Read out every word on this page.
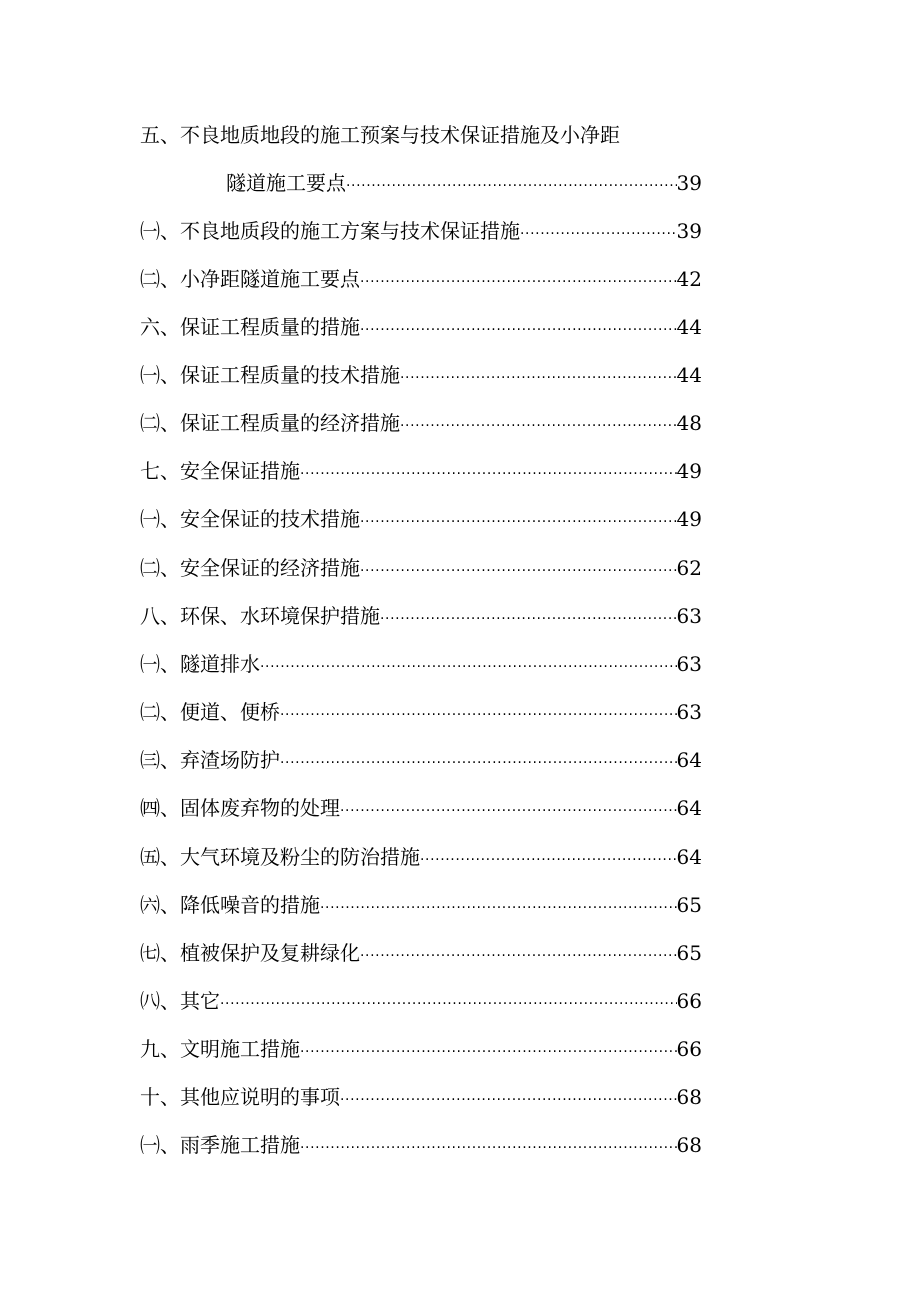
五、不良地质地段的施工预案与技术保证措施及小净距
隧道施工要点 ·····	39
㈠、不良地质段的施工方案与技术保证措施 ·····	39
㈡、小净距隧道施工要点 ·····	42
六、保证工程质量的措施 ·····	44
㈠、保证工程质量的技术措施 ·····	44
㈡、保证工程质量的经济措施 ·····	48
七、安全保证措施 ·····	49
㈠、安全保证的技术措施 ·····	49
㈡、安全保证的经济措施 ·····	62
八、环保、水环境保护措施 ·····	63
㈠、隧道排水 ·····	63
㈡、便道、便桥 ·····	63
㈢、弃渣场防护 ·····	64
㈣、固体废弃物的处理 ·····	64
㈤、大气环境及粉尘的防治措施 ·····	64
㈥、降低噪音的措施 ·····	65
㈦、植被保护及复耕绿化 ·····	65
㈧、其它 ·····	66
九、文明施工措施 ·····	66
十、其他应说明的事项 ·····	68
㈠、雨季施工措施 ·····	68
